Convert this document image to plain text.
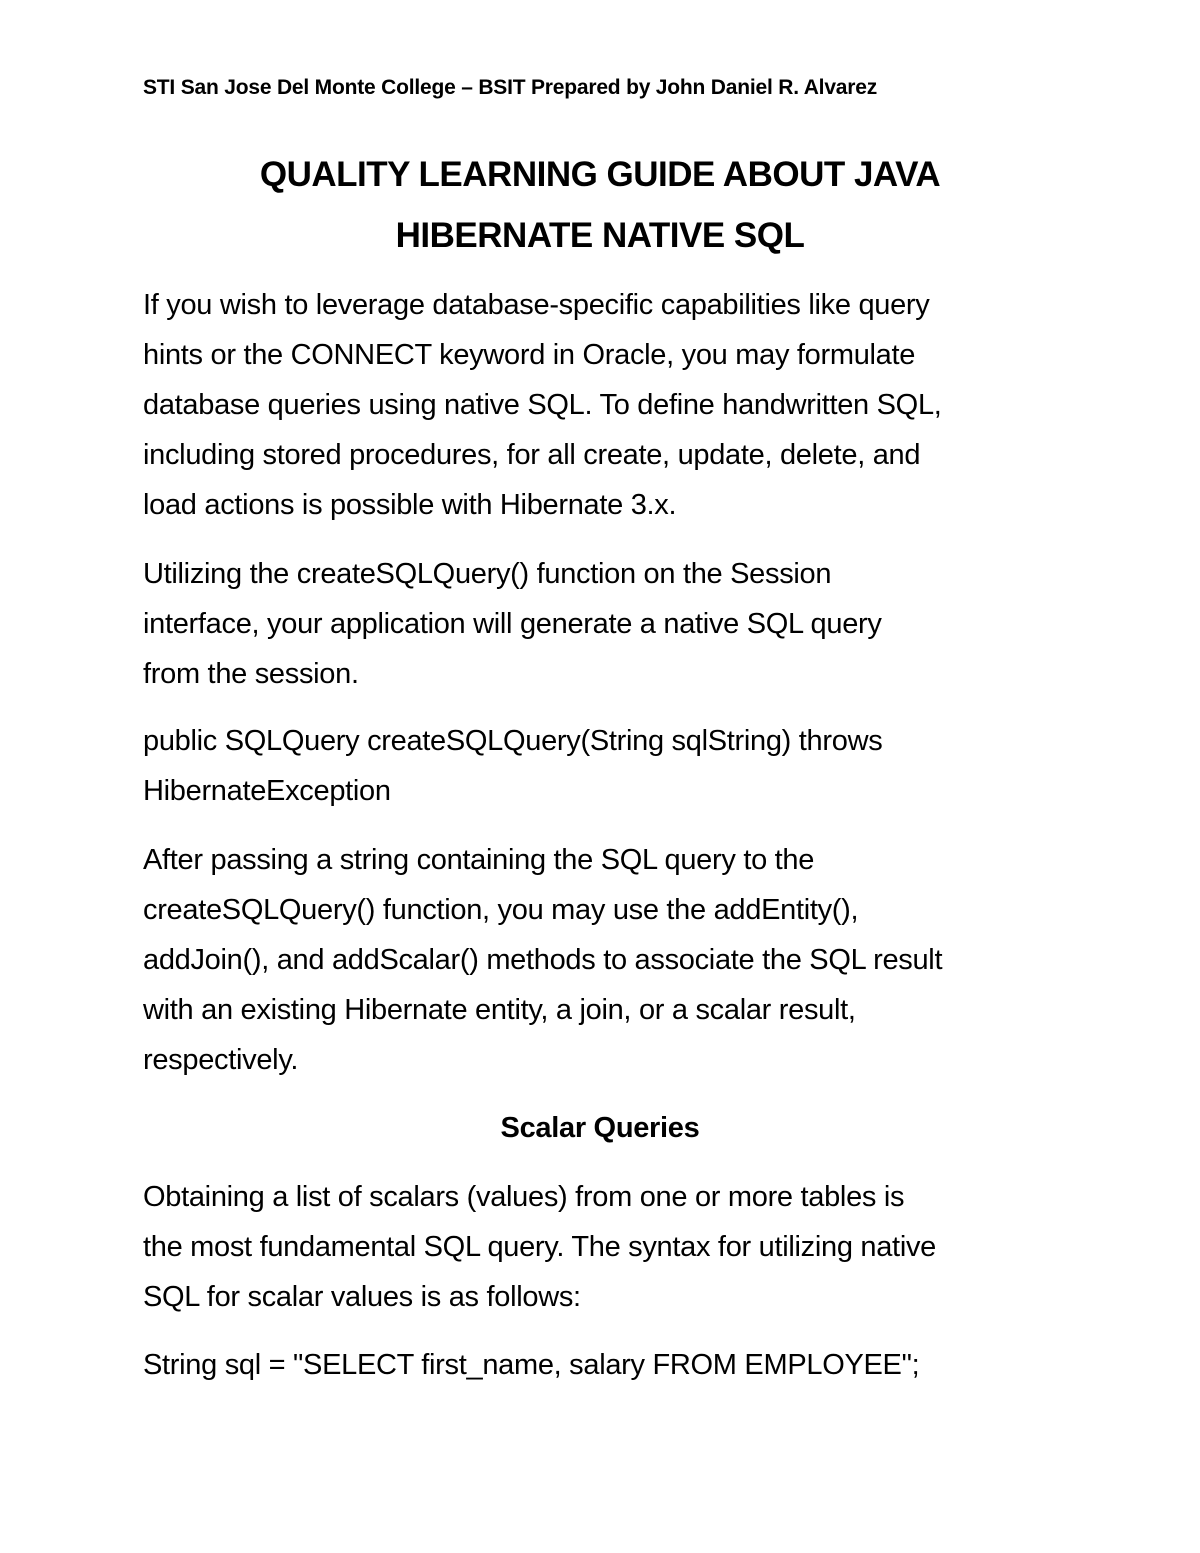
STI San Jose Del Monte College – BSIT Prepared by John Daniel R. Alvarez
QUALITY LEARNING GUIDE ABOUT JAVA
HIBERNATE NATIVE SQL
If you wish to leverage database-specific capabilities like query
hints or the CONNECT keyword in Oracle, you may formulate
database queries using native SQL. To define handwritten SQL,
including stored procedures, for all create, update, delete, and
load actions is possible with Hibernate 3.x.
Utilizing the createSQLQuery() function on the Session
interface, your application will generate a native SQL query
from the session.
public SQLQuery createSQLQuery(String sqlString) throws
HibernateException
After passing a string containing the SQL query to the
createSQLQuery() function, you may use the addEntity(),
addJoin(), and addScalar() methods to associate the SQL result
with an existing Hibernate entity, a join, or a scalar result,
respectively.
Scalar Queries
Obtaining a list of scalars (values) from one or more tables is
the most fundamental SQL query. The syntax for utilizing native
SQL for scalar values is as follows:
String sql = "SELECT first_name, salary FROM EMPLOYEE";
